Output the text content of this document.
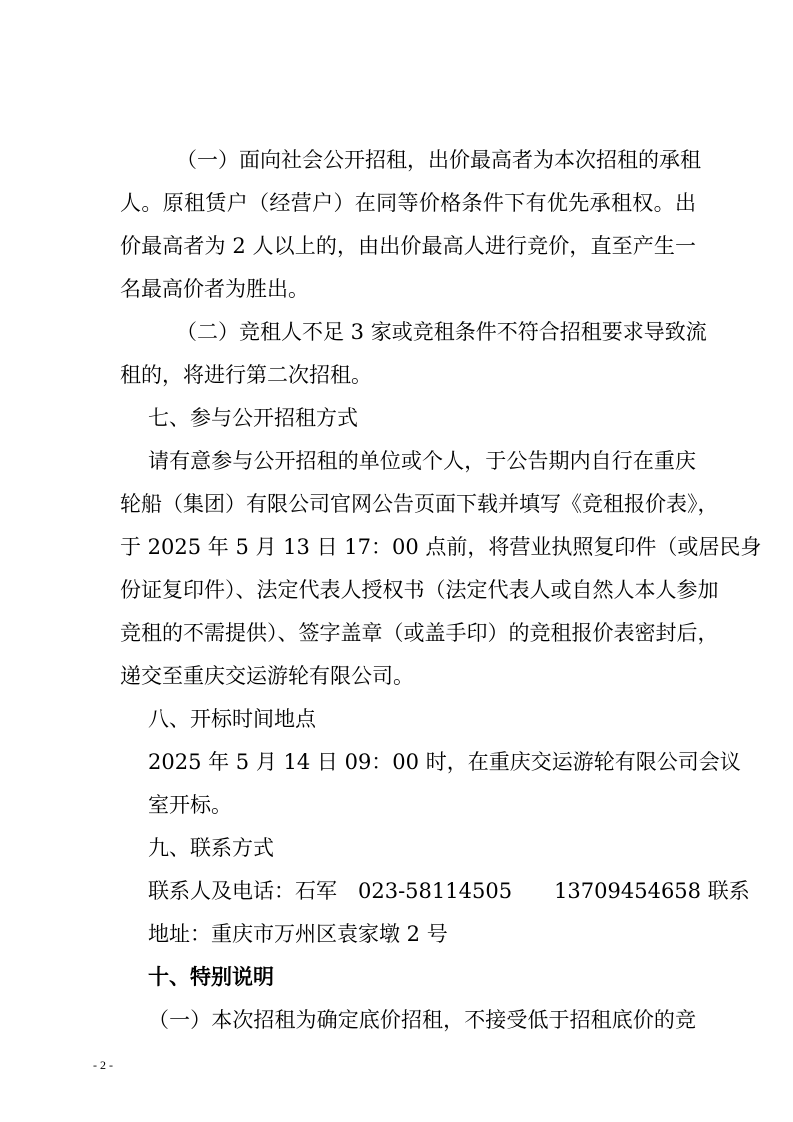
（一）面向社会公开招租，出价最高者为本次招租的承租

人。原租赁户（经营户）在同等价格条件下有优先承租权。出

价最高者为 2 人以上的，由出价最高人进行竞价，直至产生一

名最高价者为胜出。

（二）竞租人不足 3 家或竞租条件不符合招租要求导致流

租的，将进行第二次招租。

七、参与公开招租方式

请有意参与公开招租的单位或个人，于公告期内自行在重庆

轮船（集团）有限公司官网公告页面下载并填写《竞租报价表》，

于 2025 年 5 月 13 日 17：00 点前，将营业执照复印件（或居民身

份证复印件）、法定代表人授权书（法定代表人或自然人本人参加

竞租的不需提供）、签字盖章（或盖手印）的竞租报价表密封后，

递交至重庆交运游轮有限公司。

八、开标时间地点

2025 年 5 月 14 日 09：00 时，在重庆交运游轮有限公司会议

室开标。

九、联系方式

联系人及电话：石军　023-58114505　　13709454658 联系

地址：重庆市万州区袁家墩 2 号

十、特别说明

（一）本次招租为确定底价招租，不接受低于招租底价的竞

- 2 -
